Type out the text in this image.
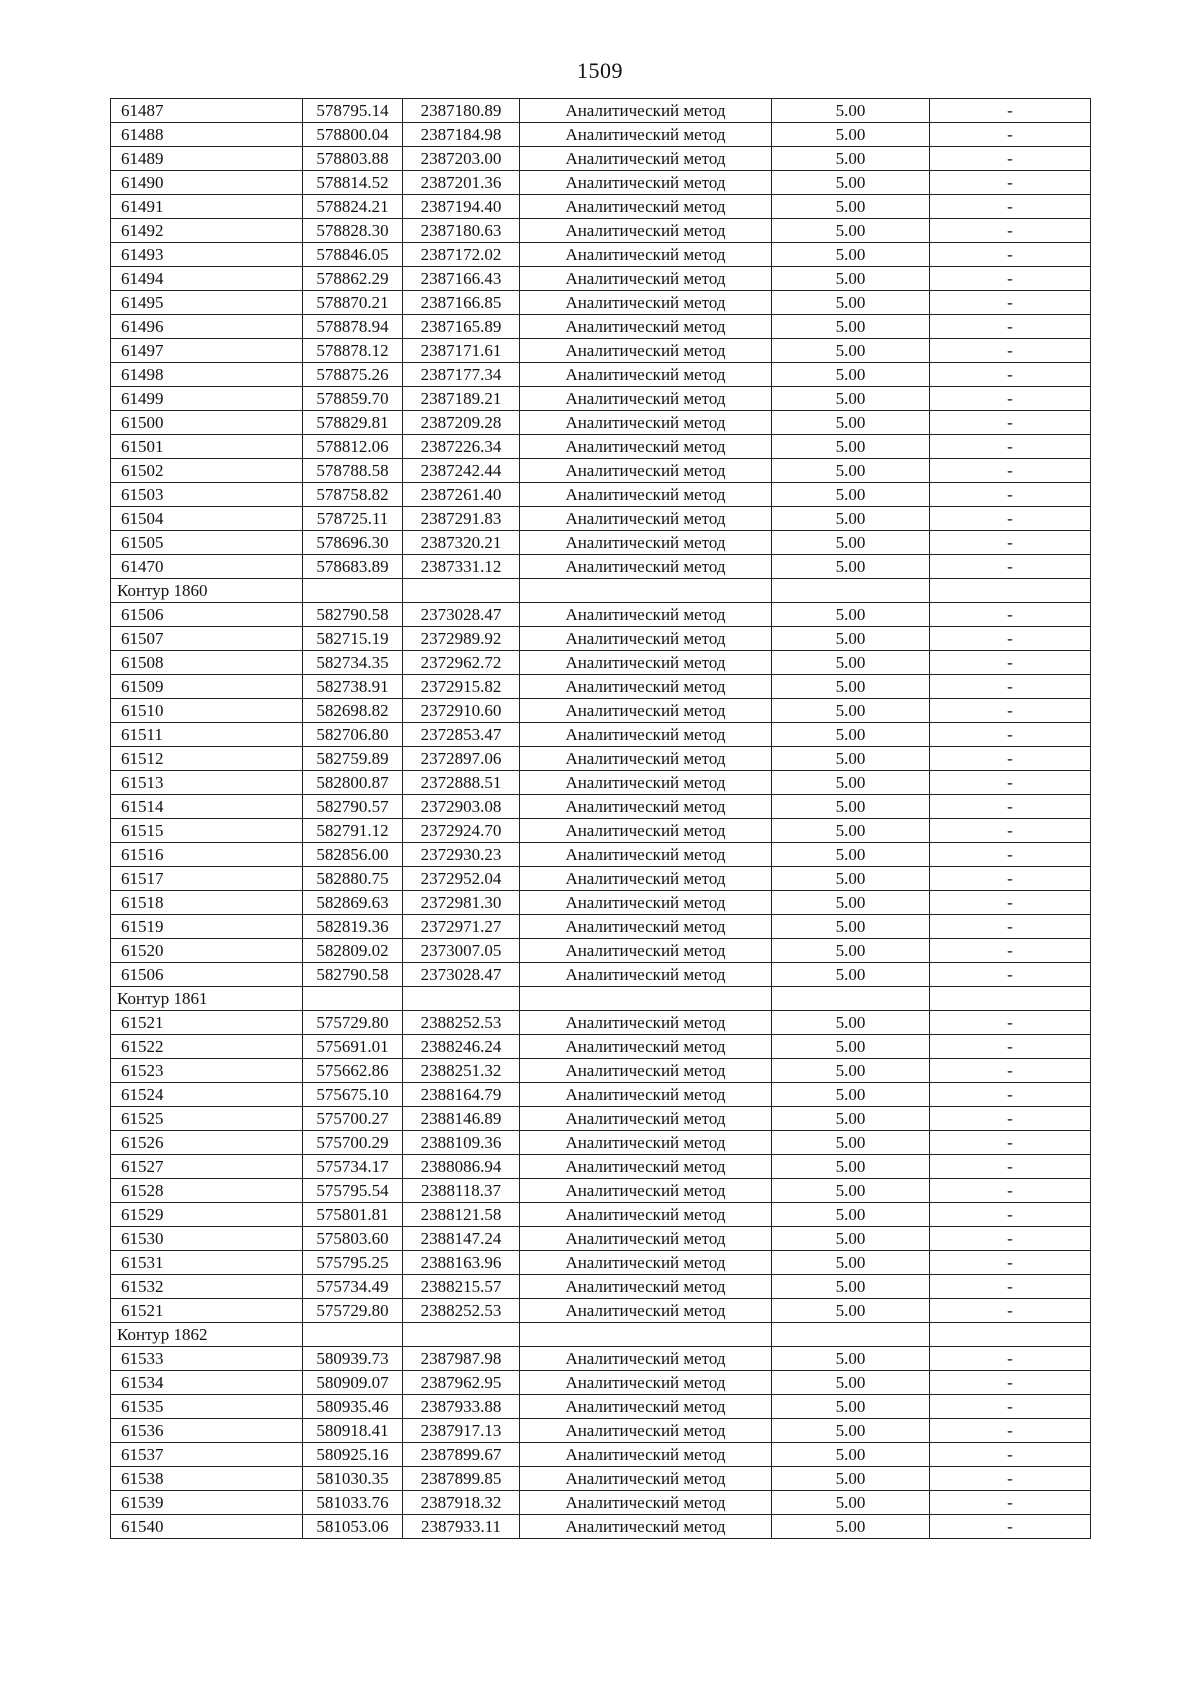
1509
61487	578795.14	2387180.89	Аналитический метод	5.00	-
61488	578800.04	2387184.98	Аналитический метод	5.00	-
61489	578803.88	2387203.00	Аналитический метод	5.00	-
61490	578814.52	2387201.36	Аналитический метод	5.00	-
61491	578824.21	2387194.40	Аналитический метод	5.00	-
61492	578828.30	2387180.63	Аналитический метод	5.00	-
61493	578846.05	2387172.02	Аналитический метод	5.00	-
61494	578862.29	2387166.43	Аналитический метод	5.00	-
61495	578870.21	2387166.85	Аналитический метод	5.00	-
61496	578878.94	2387165.89	Аналитический метод	5.00	-
61497	578878.12	2387171.61	Аналитический метод	5.00	-
61498	578875.26	2387177.34	Аналитический метод	5.00	-
61499	578859.70	2387189.21	Аналитический метод	5.00	-
61500	578829.81	2387209.28	Аналитический метод	5.00	-
61501	578812.06	2387226.34	Аналитический метод	5.00	-
61502	578788.58	2387242.44	Аналитический метод	5.00	-
61503	578758.82	2387261.40	Аналитический метод	5.00	-
61504	578725.11	2387291.83	Аналитический метод	5.00	-
61505	578696.30	2387320.21	Аналитический метод	5.00	-
61470	578683.89	2387331.12	Аналитический метод	5.00	-
Контур 1860					
61506	582790.58	2373028.47	Аналитический метод	5.00	-
61507	582715.19	2372989.92	Аналитический метод	5.00	-
61508	582734.35	2372962.72	Аналитический метод	5.00	-
61509	582738.91	2372915.82	Аналитический метод	5.00	-
61510	582698.82	2372910.60	Аналитический метод	5.00	-
61511	582706.80	2372853.47	Аналитический метод	5.00	-
61512	582759.89	2372897.06	Аналитический метод	5.00	-
61513	582800.87	2372888.51	Аналитический метод	5.00	-
61514	582790.57	2372903.08	Аналитический метод	5.00	-
61515	582791.12	2372924.70	Аналитический метод	5.00	-
61516	582856.00	2372930.23	Аналитический метод	5.00	-
61517	582880.75	2372952.04	Аналитический метод	5.00	-
61518	582869.63	2372981.30	Аналитический метод	5.00	-
61519	582819.36	2372971.27	Аналитический метод	5.00	-
61520	582809.02	2373007.05	Аналитический метод	5.00	-
61506	582790.58	2373028.47	Аналитический метод	5.00	-
Контур 1861					
61521	575729.80	2388252.53	Аналитический метод	5.00	-
61522	575691.01	2388246.24	Аналитический метод	5.00	-
61523	575662.86	2388251.32	Аналитический метод	5.00	-
61524	575675.10	2388164.79	Аналитический метод	5.00	-
61525	575700.27	2388146.89	Аналитический метод	5.00	-
61526	575700.29	2388109.36	Аналитический метод	5.00	-
61527	575734.17	2388086.94	Аналитический метод	5.00	-
61528	575795.54	2388118.37	Аналитический метод	5.00	-
61529	575801.81	2388121.58	Аналитический метод	5.00	-
61530	575803.60	2388147.24	Аналитический метод	5.00	-
61531	575795.25	2388163.96	Аналитический метод	5.00	-
61532	575734.49	2388215.57	Аналитический метод	5.00	-
61521	575729.80	2388252.53	Аналитический метод	5.00	-
Контур 1862					
61533	580939.73	2387987.98	Аналитический метод	5.00	-
61534	580909.07	2387962.95	Аналитический метод	5.00	-
61535	580935.46	2387933.88	Аналитический метод	5.00	-
61536	580918.41	2387917.13	Аналитический метод	5.00	-
61537	580925.16	2387899.67	Аналитический метод	5.00	-
61538	581030.35	2387899.85	Аналитический метод	5.00	-
61539	581033.76	2387918.32	Аналитический метод	5.00	-
61540	581053.06	2387933.11	Аналитический метод	5.00	-
